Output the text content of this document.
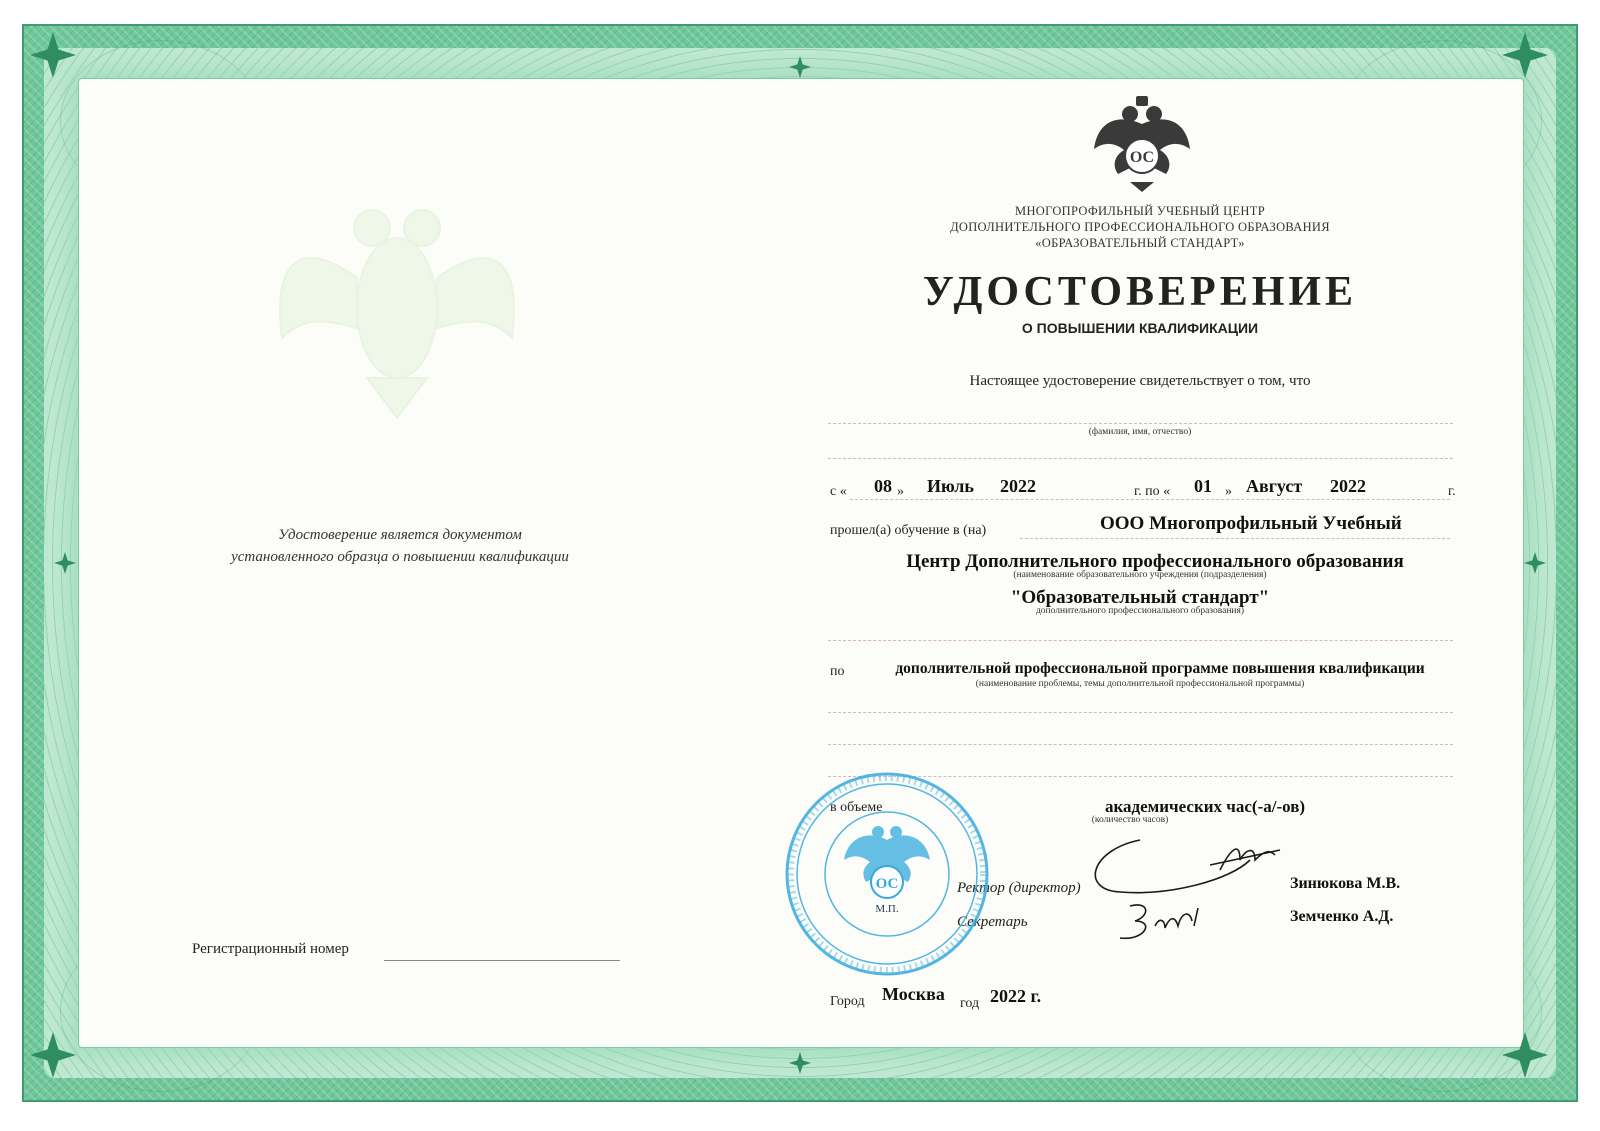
Удостоверение является документом
установленного образца о повышении квалификации
Регистрационный номер
ОС
МНОГОПРОФИЛЬНЫЙ УЧЕБНЫЙ ЦЕНТР
ДОПОЛНИТЕЛЬНОГО ПРОФЕССИОНАЛЬНОГО ОБРАЗОВАНИЯ
«ОБРАЗОВАТЕЛЬНЫЙ СТАНДАРТ»
УДОСТОВЕРЕНИЕ
О ПОВЫШЕНИИ КВАЛИФИКАЦИИ
Настоящее удостоверение свидетельствует о том, что
(фамилия, имя, отчество)
с « 08 » Июль 2022	г. по « 01 » Август 2022	г.
прошел(а) обучение в (на)	ООО Многопрофильный Учебный
Центр Дополнительного профессионального образования
(наименование образовательного учреждения (подразделения)
"Образовательный стандарт"
дополнительного профессионального образования)
по	дополнительной профессиональной программе повышения квалификации
(наименование проблемы, темы дополнительной профессиональной программы)
в объеме	академических час(-а/-ов)
(количество часов)
Ректор (директор)	Зинюкова М.В.
Секретарь	Земченко А.Д.
ОС
М.П.
Город Москва год 2022 г.
